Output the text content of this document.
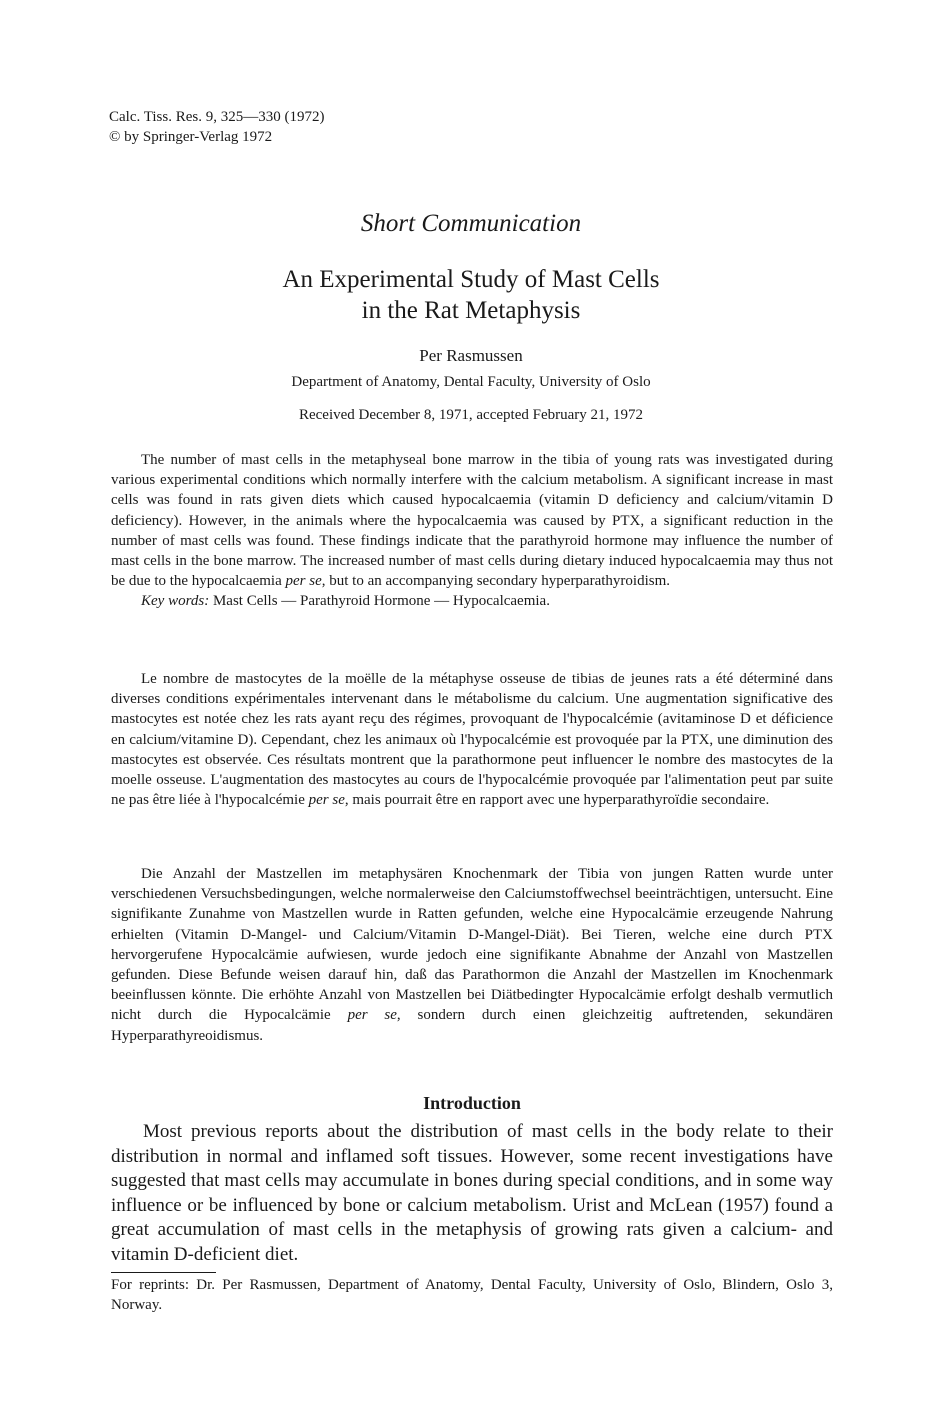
Calc. Tiss. Res. 9, 325—330 (1972)
© by Springer-Verlag 1972
Short Communication
An Experimental Study of Mast Cells
in the Rat Metaphysis
Per Rasmussen
Department of Anatomy, Dental Faculty, University of Oslo
Received December 8, 1971, accepted February 21, 1972

The number of mast cells in the metaphyseal bone marrow in the tibia of young rats was investigated during various experimental conditions which normally interfere with the calcium metabolism. A significant increase in mast cells was found in rats given diets which caused hypocalcaemia (vitamin D deficiency and calcium/vitamin D deficiency). However, in the animals where the hypocalcaemia was caused by PTX, a significant reduction in the number of mast cells was found. These findings indicate that the parathyroid hormone may influence the number of mast cells in the bone marrow. The increased number of mast cells during dietary induced hypocalcaemia may thus not be due to the hypocalcaemia per se, but to an accompanying secondary hyperparathyroidism.

Key words: Mast Cells — Parathyroid Hormone — Hypocalcaemia.

Le nombre de mastocytes de la moëlle de la métaphyse osseuse de tibias de jeunes rats a été déterminé dans diverses conditions expérimentales intervenant dans le métabolisme du calcium. Une augmentation significative des mastocytes est notée chez les rats ayant reçu des régimes, provoquant de l'hypocalcémie (avitaminose D et déficience en calcium/vitamine D). Cependant, chez les animaux où l'hypocalcémie est provoquée par la PTX, une diminution des mastocytes est observée. Ces résultats montrent que la parathormone peut influencer le nombre des mastocytes de la moelle osseuse. L'augmentation des mastocytes au cours de l'hypocalcémie provoquée par l'alimentation peut par suite ne pas être liée à l'hypocalcémie per se, mais pourrait être en rapport avec une hyperparathyroïdie secondaire.

Die Anzahl der Mastzellen im metaphysären Knochenmark der Tibia von jungen Ratten wurde unter verschiedenen Versuchsbedingungen, welche normalerweise den Calciumstoffwechsel beeinträchtigen, untersucht. Eine signifikante Zunahme von Mastzellen wurde in Ratten gefunden, welche eine Hypocalcämie erzeugende Nahrung erhielten (Vitamin D-Mangel- und Calcium/Vitamin D-Mangel-Diät). Bei Tieren, welche eine durch PTX hervorgerufene Hypocalcämie aufwiesen, wurde jedoch eine signifikante Abnahme der Anzahl von Mastzellen gefunden. Diese Befunde weisen darauf hin, daß das Parathormon die Anzahl der Mastzellen im Knochenmark beeinflussen könnte. Die erhöhte Anzahl von Mastzellen bei Diätbedingter Hypocalcämie erfolgt deshalb vermutlich nicht durch die Hypocalcämie per se, sondern durch einen gleichzeitig auftretenden, sekundären Hyperparathyreoidismus.

Introduction

Most previous reports about the distribution of mast cells in the body relate to their distribution in normal and inflamed soft tissues. However, some recent investigations have suggested that mast cells may accumulate in bones during special conditions, and in some way influence or be influenced by bone or calcium metabolism. Urist and McLean (1957) found a great accumulation of mast cells in the metaphysis of growing rats given a calcium- and vitamin D-deficient diet.

For reprints: Dr. Per Rasmussen, Department of Anatomy, Dental Faculty, University of Oslo, Blindern, Oslo 3, Norway.
